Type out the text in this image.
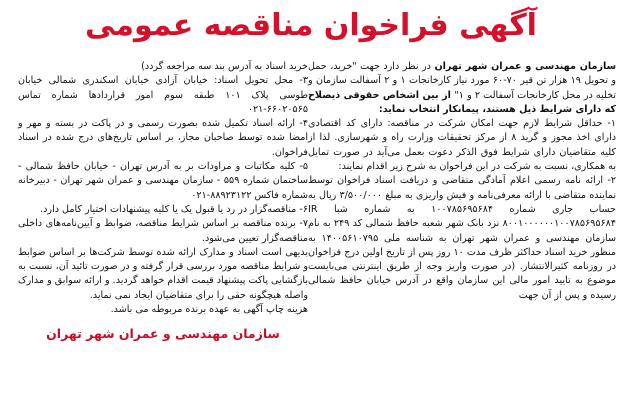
آگهی فراخوان مناقصه عمومی

سازمان مهندسی و عمران شهر تهران در نظر دارد جهت "خرید، حمل و تحویل ۱۹ هزار تن قیر ۷۰-۶۰ مورد نیاز کارخانجات ۱ و ۲ آسفالت سازمان و تخلیه در محل کارخانجات آسفالت ۲ و ۱" از بین اشخاص حقوقی ذیصلاح که دارای شرایط ذیل هستند، پیمانکار انتخاب نماید:

۱- حداقل شرایط لازم جهت امکان شرکت در مناقصه: دارای کد اقتصادی دارای اخذ مجوز و گرید ۸ از مرکز تحقیقات وزارت راه و شهرسازی. لذا از کلیه متقاضیان دارای شرایط فوق الذکر دعوت بعمل می‌آید در صورت تمایل به همکاری، نسبت به شرکت در این فراخوان به شرح زیر اقدام نمایند:

۲- ارائه نامه رسمی اعلام آمادگی متقاضی و دریافت اسناد فراخوان توسط نماینده متقاضی با ارائه معرفی‌نامه و فیش واریزی به مبلغ ۳/۵۰۰/۰۰۰ ریال به حساب جاری شماره ۱۰۰۷۸۵۶۹۵۶۸۴ به شماره شبا IR ۸۰۰۱۰۰۰۰۰۰۱۰۰۷۸۵۶۹۵۶۸۴ نزد بانک شهر شعبه حافظ شمالی کد ۲۴۹ به نام سازمان مهندسی و عمران شهر تهران به شناسه ملی ۱۴۰۰۵۶۱۰۷۹۵ به منظور خرید اسناد حداکثر ظرف مدت ۱۰ روز پس از تاریخ اولین درج فراخوان در روزنامه کثیرالانتشار. (در صورت واریز وجه از طریق اینترنتی می‌بایست موضوع به تایید امور مالی این سازمان واقع در آدرس خیابان حافظ شمالی رسیده و پس از آن جهت

خرید اسناد به آدرس بند سه مراجعه گردد)

۳- محل تحویل اسناد: خیابان آزادی خیابان اسکندری شمالی خیابان طوسی پلاک ۱۰۱ طبقه سوم امور قراردادها شماره تماس ۶۶۰۲۰۵۶۵-۰۲۱

۴- ارائه اسناد تکمیل شده بصورت رسمی و در پاکت در بسته و مهر و امضا شده توسط صاحبان مجاز، بر اساس تاریخ‌های درج شده در اسناد فراخوان.

۵- کلیه مکاتبات و مراودات بر به آدرس تهران - خیابان حافظ شمالی - ساختمان شماره ۵۵۹ - سازمان مهندسی و عمران شهر تهران - دبیرخانه شماره فاکس ۸۸۹۲۳۱۲۲-۰۲۱

۶- مناقصه‌گزار در رد یا قبول یک یا کلیه پیشنهادات اختیار کامل دارد.

۷- برنده مناقصه بر اساس شرایط مناقصه، ضوابط و آیین‌نامه‌های داخلی مناقصه‌گزار تعیین می‌شود.

بدیهی است اسناد و مدارک ارائه شده توسط شرکت‌ها بر اساس ضوابط و شرایط مناقصه مورد بررسی قرار گرفته و در صورت تائید آن، نسبت به بازگشایی پاکت پیشنهاد قیمت اقدام خواهد گردید. و ارائه سوابق و مدارک واصله هیچگونه حقی را برای متقاضیان ایجاد نمی نماید.

هزینه چاپ آگهی به عهده برنده مربوطه می باشد.

سازمان مهندسی و عمران شهر تهران
